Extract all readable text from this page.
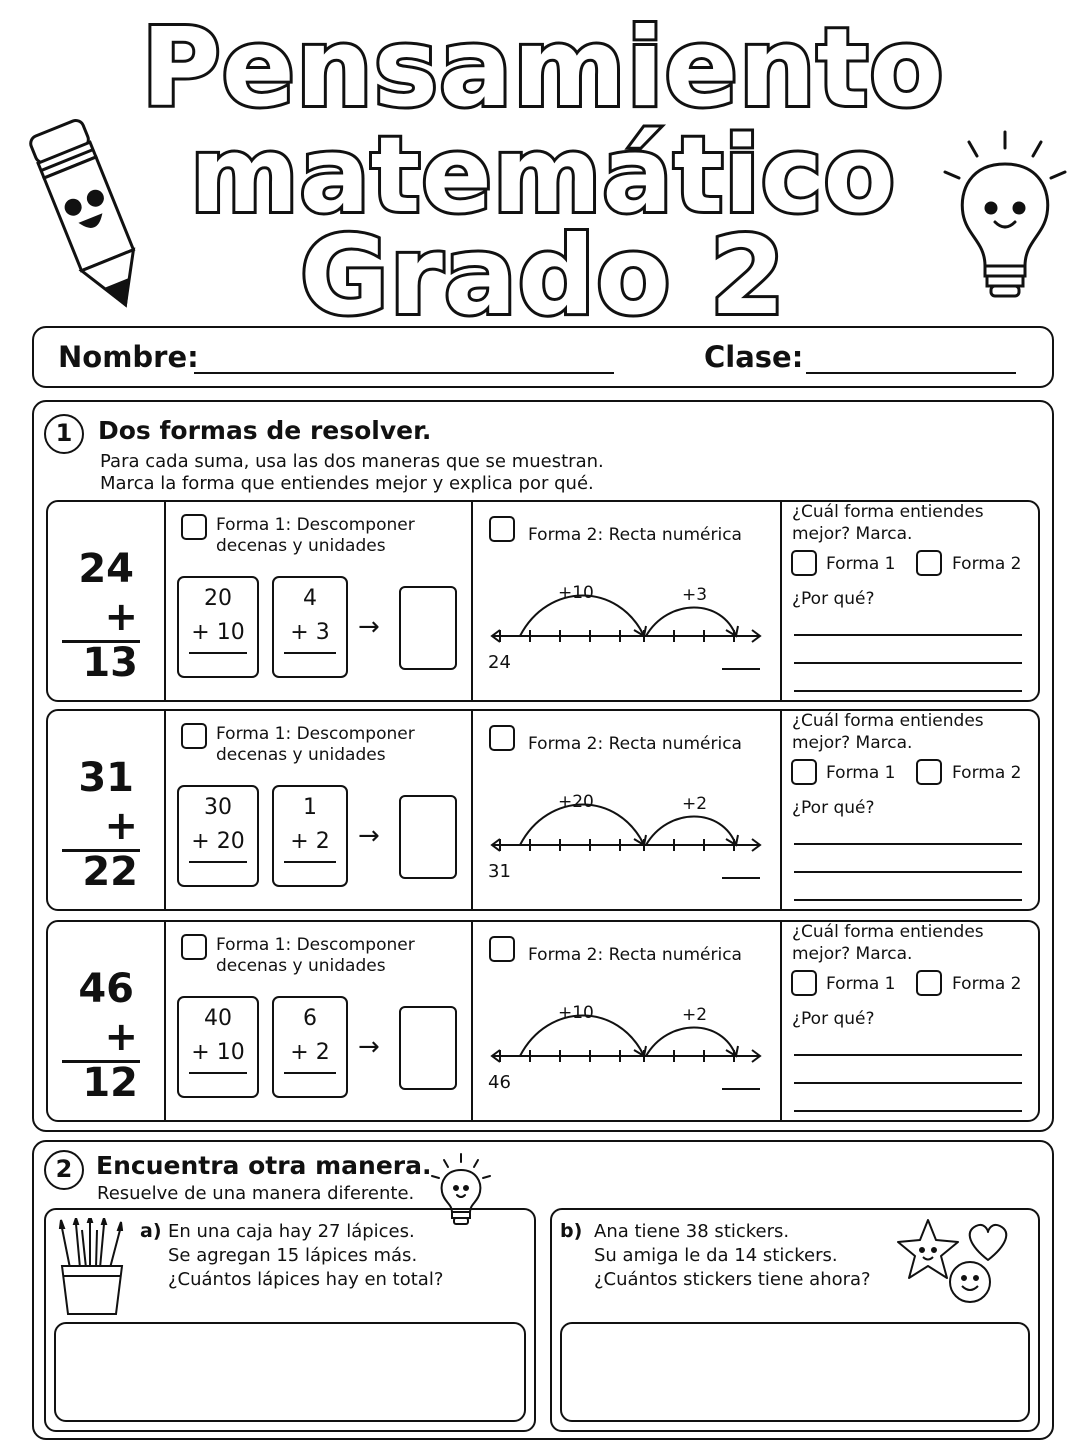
Pensamiento
matemático
Grado 2
Nombre:	Clase:
1	Dos formas de resolver.
Para cada suma, usa las dos maneras que se muestran.
Marca la forma que entiendes mejor y explica por qué.
24
+ 13
Forma 1: Descomponer
decenas y unidades
20
+ 10
4
+ 3	→
Forma 2: Recta numérica
+10	+3
24
¿Cuál forma entiendes
mejor? Marca.
Forma 1	Forma 2
¿Por qué?
31
+ 22
Forma 1: Descomponer
decenas y unidades
30
+ 20
1
+ 2	→
Forma 2: Recta numérica
+20	+2
31
¿Cuál forma entiendes
mejor? Marca.
Forma 1	Forma 2
¿Por qué?
46
+ 12
Forma 1: Descomponer
decenas y unidades
40
+ 10
6
+ 2	→
Forma 2: Recta numérica
+10	+2
46
¿Cuál forma entiendes
mejor? Marca.
Forma 1	Forma 2
¿Por qué?
2 Encuentra otra manera.
Resuelve de una manera diferente.
a) En una caja hay 27 lápices.
Se agregan 15 lápices más.
¿Cuántos lápices hay en total?
b) Ana tiene 38 stickers.
Su amiga le da 14 stickers.
¿Cuántos stickers tiene ahora?
